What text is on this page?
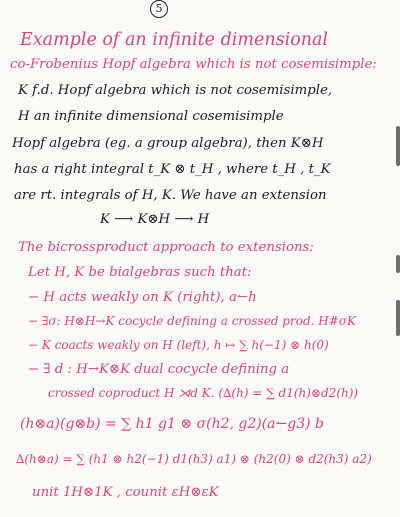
5
Example of an infinite dimensional
co-Frobenius Hopf algebra which is not cosemisimple:
K f.d. Hopf algebra which is not cosemisimple,
H an infinite dimensional cosemisimple
Hopf algebra (eg. a group algebra), then K⊗H
has a right integral t_K ⊗ t_H , where t_H , t_K
are rt. integrals of H, K. We have an extension
K ⟶ K⊗H ⟶ H
The bicrossproduct approach to extensions:
Let H, K be bialgebras such that:
− H acts weakly on K (right), a↼h
− ∃σ: H⊗H→K cocycle defining a crossed prod. H#σK
− K coacts weakly on H (left), h ↦ ∑ h(−1) ⊗ h(0)
− ∃ d : H→K⊗K dual cocycle defining a
crossed coproduct H ⋊d K. (∆(h) = ∑ d1(h)⊗d2(h))
(h⊗a)(g⊗b) = ∑ h1 g1 ⊗ σ(h2, g2)(a↼g3) b
∆(h⊗a) = ∑ (h1 ⊗ h2(−1) d1(h3) a1) ⊗ (h2(0) ⊗ d2(h3) a2)
unit 1H⊗1K , counit εH⊗εK
